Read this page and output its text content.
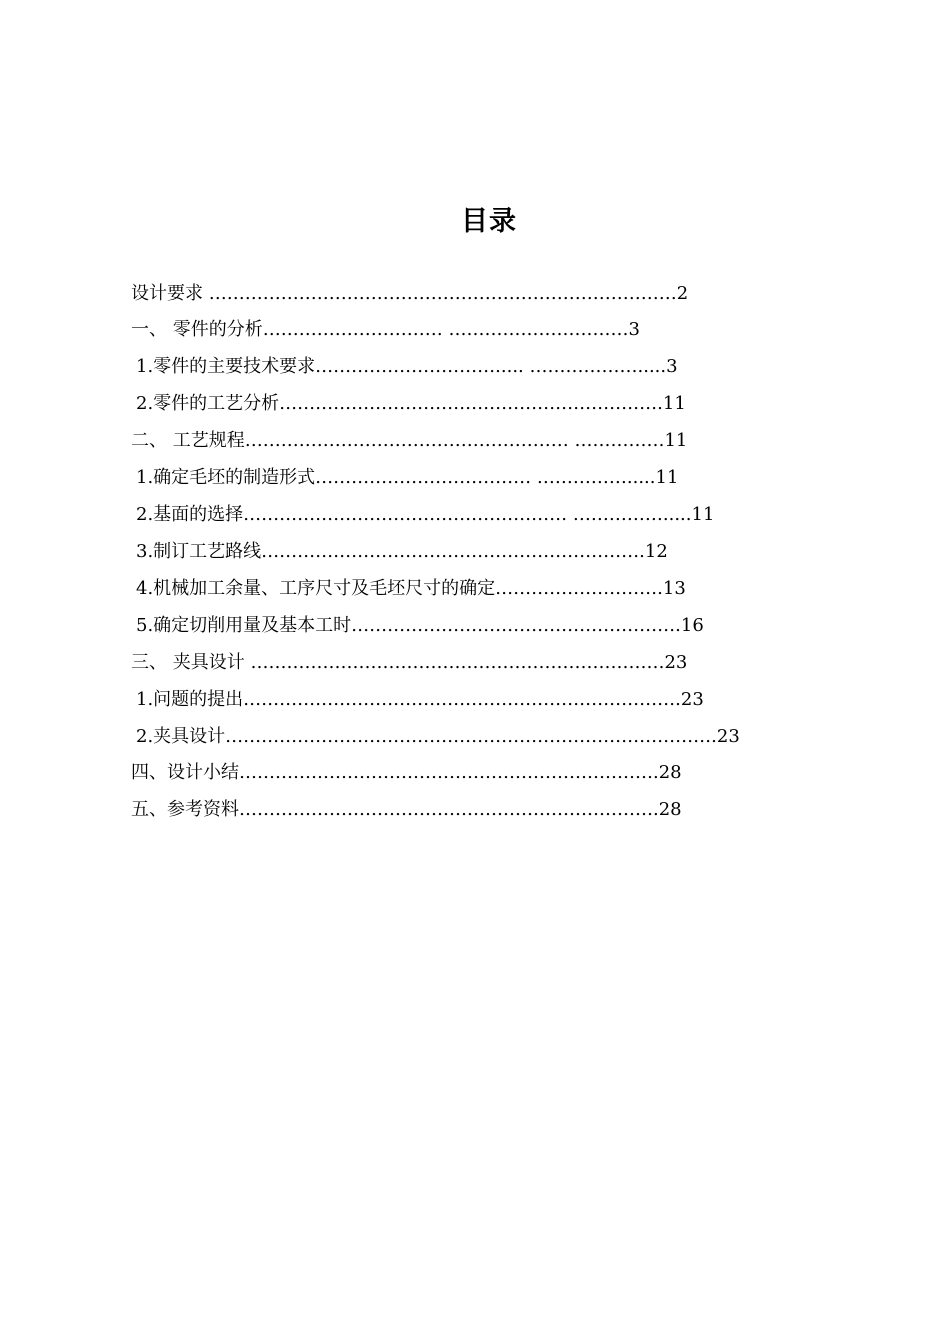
目录
设计要求 ……………………………………………………………………2
一、 零件的分析………………………… …………………………3
1.零件的主要技术要求…………………………..... ……………….....3
2.零件的工艺分析……………………………………………………….11
二、 工艺规程……………………………………………… ……………11
1.确定毛坯的制造形式……………………………… …………….....11
2.基面的选择……………………………………………… …………….....11
3.制订工艺路线……………………………………………………….12
4.机械加工余量、工序尺寸及毛坯尺寸的确定……………………….13
5.确定切削用量及基本工时……………………………………………….16
三、 夹具设计 ……………………………………………………………23
1.问题的提出……………………………………………………………….23
2.夹具设计……………………………………………………………………….23
四、设计小结…………………………………………………………….28
五、参考资料…………………………………………………………….28
